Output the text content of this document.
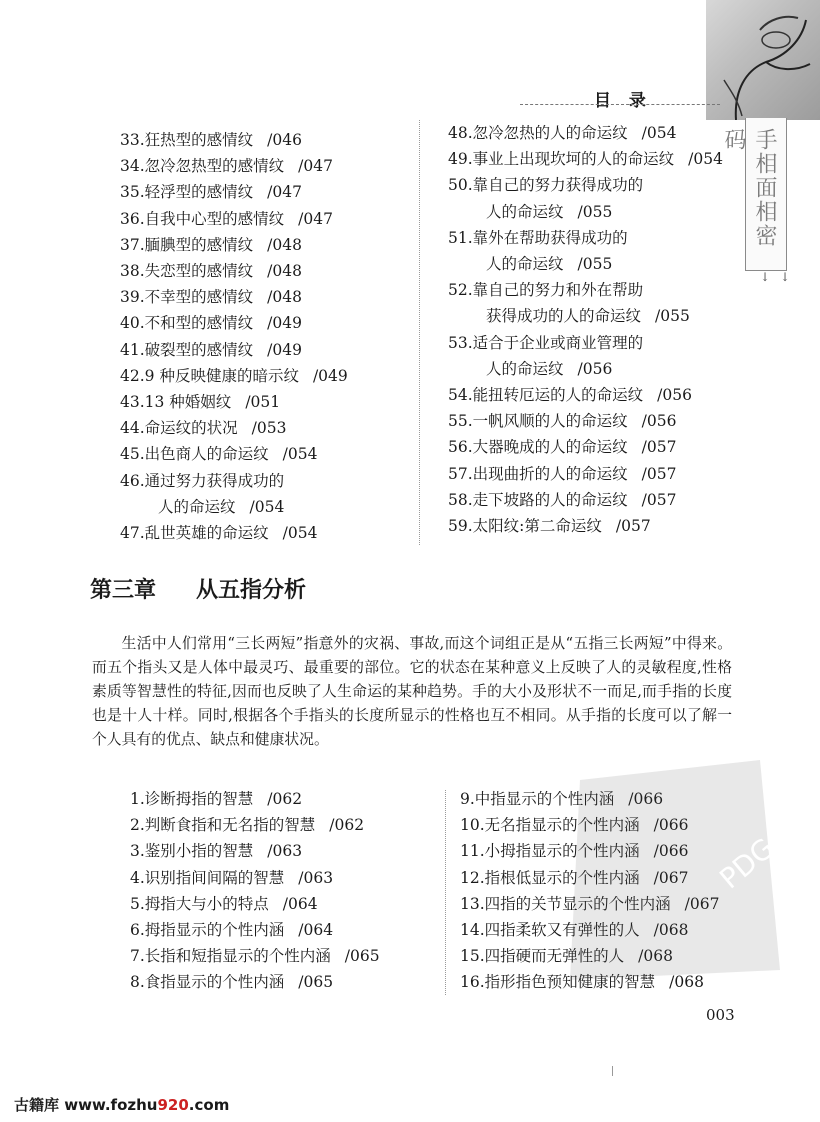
目 录
手相面相密码
↓↓
33.狂热型的感情纹 /046
34.忽冷忽热型的感情纹 /047
35.轻浮型的感情纹 /047
36.自我中心型的感情纹 /047
37.腼腆型的感情纹 /048
38.失恋型的感情纹 /048
39.不幸型的感情纹 /048
40.不和型的感情纹 /049
41.破裂型的感情纹 /049
42.9 种反映健康的暗示纹 /049
43.13 种婚姻纹 /051
44.命运纹的状况 /053
45.出色商人的命运纹 /054
46.通过努力获得成功的
人的命运纹 /054
47.乱世英雄的命运纹 /054
48.忽冷忽热的人的命运纹 /054
49.事业上出现坎坷的人的命运纹 /054
50.靠自己的努力获得成功的
人的命运纹 /055
51.靠外在帮助获得成功的
人的命运纹 /055
52.靠自己的努力和外在帮助
获得成功的人的命运纹 /055
53.适合于企业或商业管理的
人的命运纹 /056
54.能扭转厄运的人的命运纹 /056
55.一帆风顺的人的命运纹 /056
56.大器晚成的人的命运纹 /057
57.出现曲折的人的命运纹 /057
58.走下坡路的人的命运纹 /057
59.太阳纹:第二命运纹 /057
第三章 从五指分析
生活中人们常用“三长两短”指意外的灾祸、事故,而这个词组正是从“五指三长两短”中得来。而五个指头又是人体中最灵巧、最重要的部位。它的状态在某种意义上反映了人的灵敏程度,性格素质等智慧性的特征,因而也反映了人生命运的某种趋势。手的大小及形状不一而足,而手指的长度也是十人十样。同时,根据各个手指头的长度所显示的性格也互不相同。从手指的长度可以了解一个人具有的优点、缺点和健康状况。
1.诊断拇指的智慧 /062
2.判断食指和无名指的智慧 /062
3.鉴别小指的智慧 /063
4.识别指间间隔的智慧 /063
5.拇指大与小的特点 /064
6.拇指显示的个性内涵 /064
7.长指和短指显示的个性内涵 /065
8.食指显示的个性内涵 /065
9.中指显示的个性内涵 /066
10.无名指显示的个性内涵 /066
11.小拇指显示的个性内涵 /066
12.指根低显示的个性内涵 /067
13.四指的关节显示的个性内涵 /067
14.四指柔软又有弹性的人 /068
15.四指硬而无弹性的人 /068
16.指形指色预知健康的智慧 /068
PDG
003
古籍库 www.fozhu920.com
